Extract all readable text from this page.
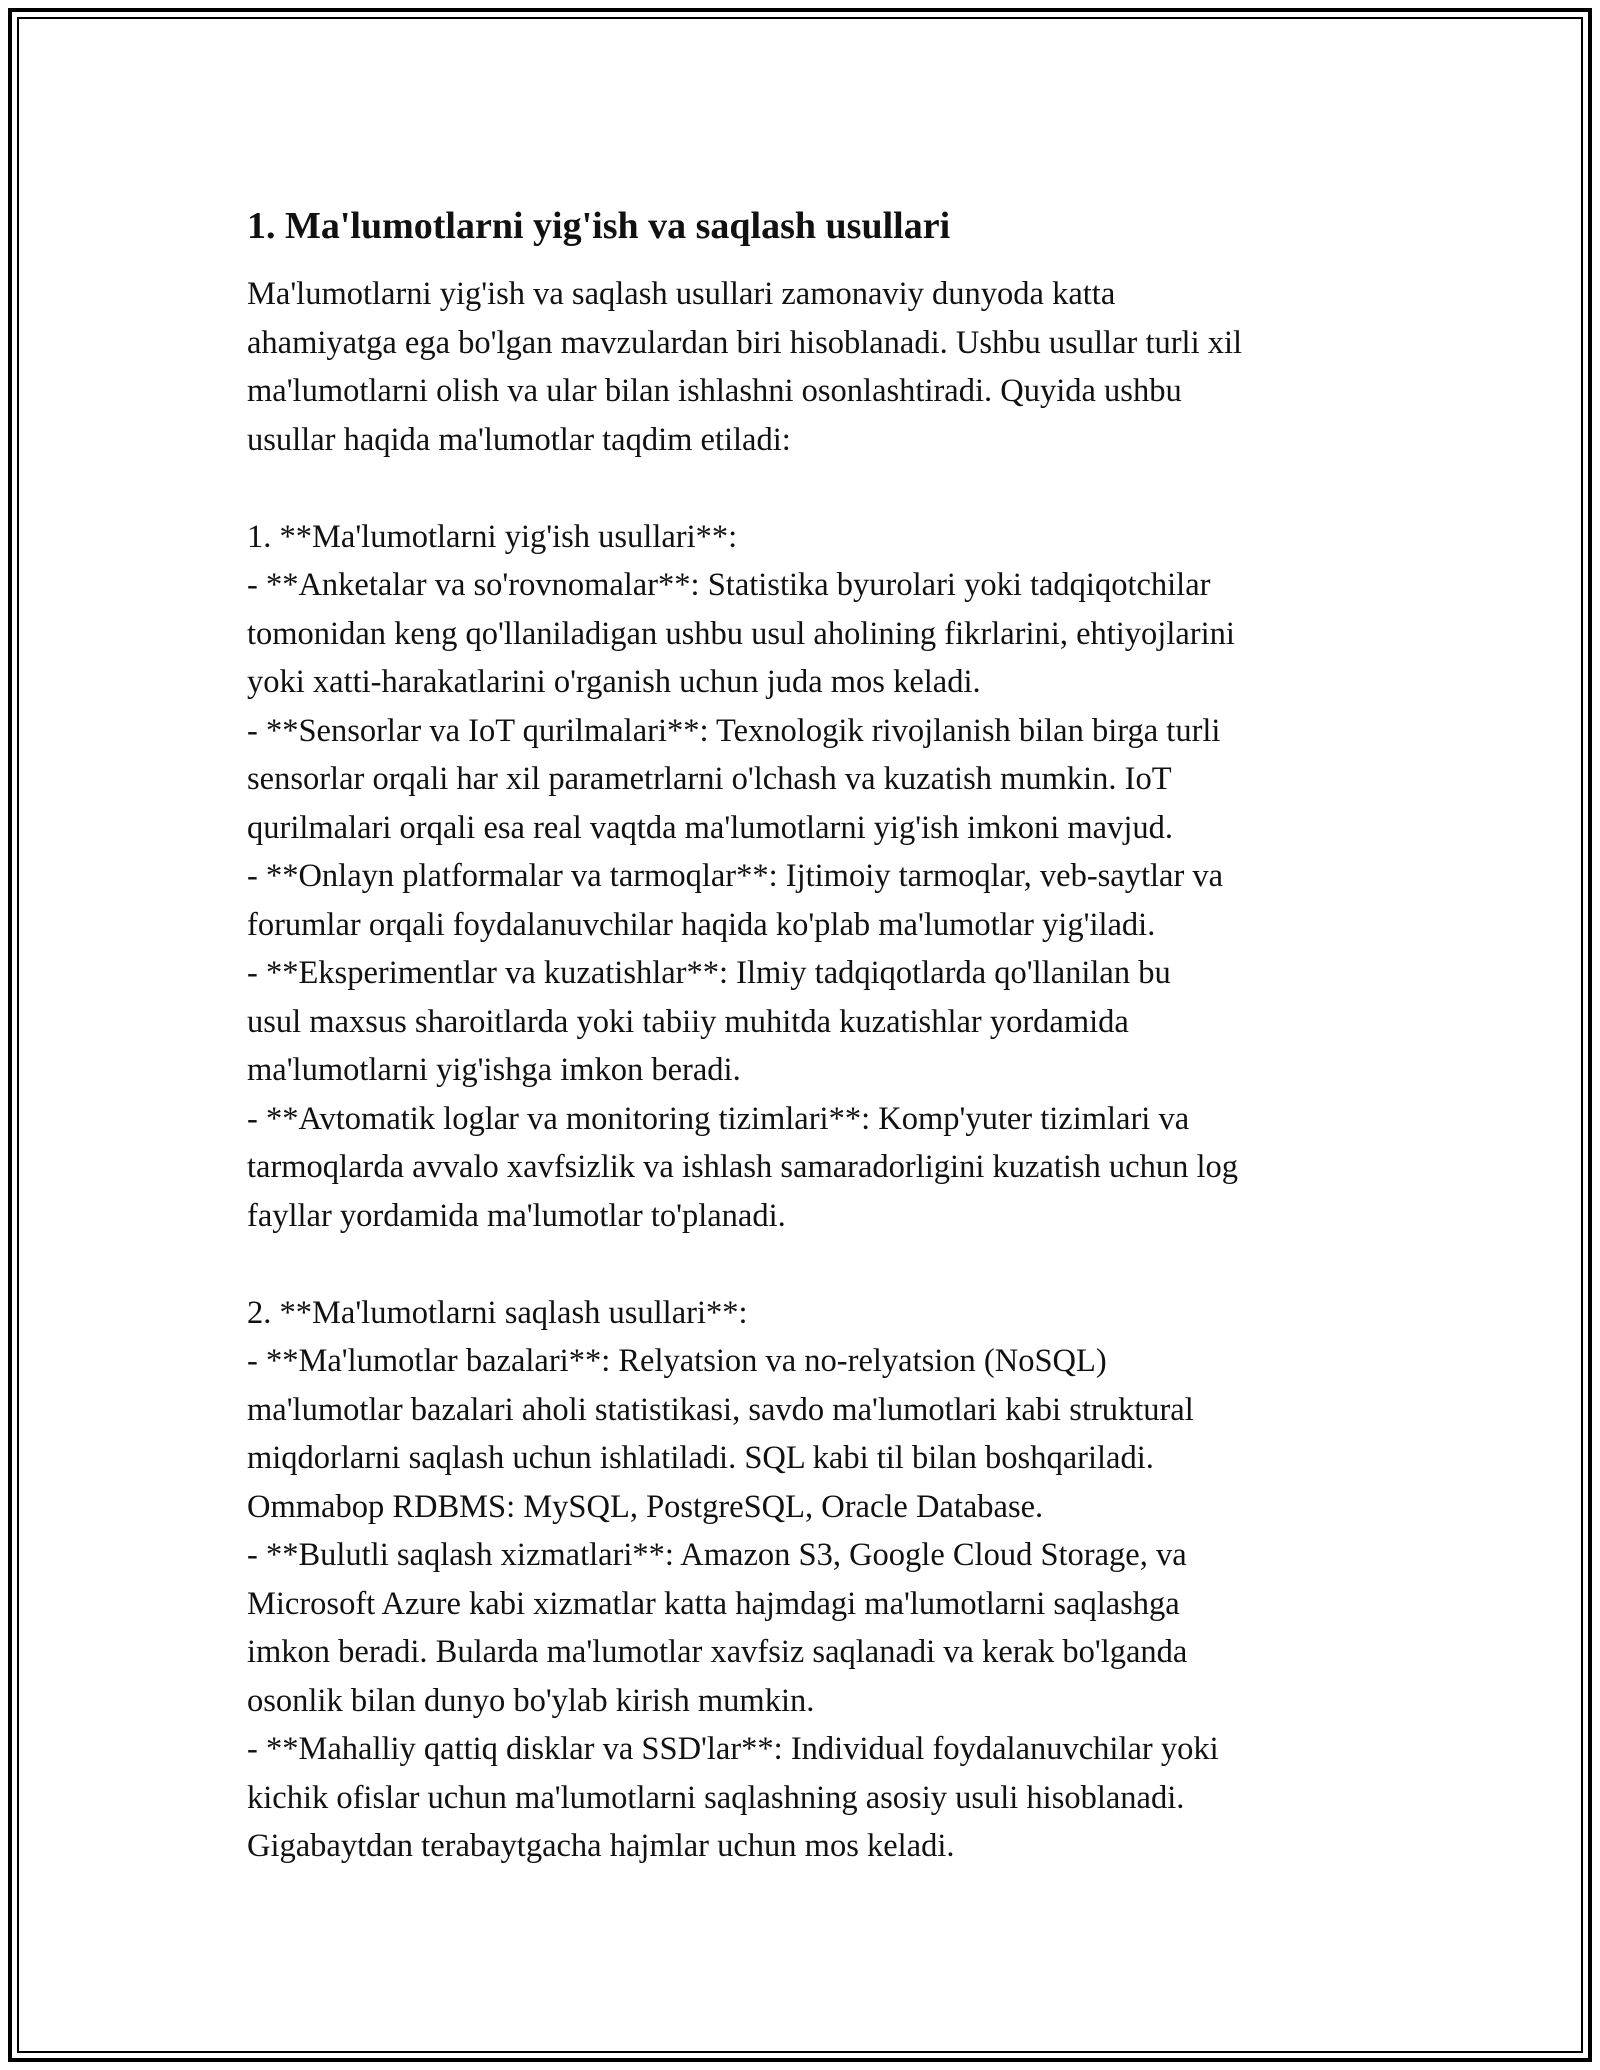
1. Ma'lumotlarni yig'ish va saqlash usullari

Ma'lumotlarni yig'ish va saqlash usullari zamonaviy dunyoda katta
ahamiyatga ega bo'lgan mavzulardan biri hisoblanadi. Ushbu usullar turli xil
ma'lumotlarni olish va ular bilan ishlashni osonlashtiradi. Quyida ushbu
usullar haqida ma'lumotlar taqdim etiladi:

1. **Ma'lumotlarni yig'ish usullari**:
- **Anketalar va so'rovnomalar**: Statistika byurolari yoki tadqiqotchilar
tomonidan keng qo'llaniladigan ushbu usul aholining fikrlarini, ehtiyojlarini
yoki xatti-harakatlarini o'rganish uchun juda mos keladi.
- **Sensorlar va IoT qurilmalari**: Texnologik rivojlanish bilan birga turli
sensorlar orqali har xil parametrlarni o'lchash va kuzatish mumkin. IoT
qurilmalari orqali esa real vaqtda ma'lumotlarni yig'ish imkoni mavjud.
- **Onlayn platformalar va tarmoqlar**: Ijtimoiy tarmoqlar, veb-saytlar va
forumlar orqali foydalanuvchilar haqida ko'plab ma'lumotlar yig'iladi.
- **Eksperimentlar va kuzatishlar**: Ilmiy tadqiqotlarda qo'llanilan bu
usul maxsus sharoitlarda yoki tabiiy muhitda kuzatishlar yordamida
ma'lumotlarni yig'ishga imkon beradi.
- **Avtomatik loglar va monitoring tizimlari**: Komp'yuter tizimlari va
tarmoqlarda avvalo xavfsizlik va ishlash samaradorligini kuzatish uchun log
fayllar yordamida ma'lumotlar to'planadi.

2. **Ma'lumotlarni saqlash usullari**:
- **Ma'lumotlar bazalari**: Relyatsion va no-relyatsion (NoSQL)
ma'lumotlar bazalari aholi statistikasi, savdo ma'lumotlari kabi struktural
miqdorlarni saqlash uchun ishlatiladi. SQL kabi til bilan boshqariladi.
Ommabop RDBMS: MySQL, PostgreSQL, Oracle Database.
- **Bulutli saqlash xizmatlari**: Amazon S3, Google Cloud Storage, va
Microsoft Azure kabi xizmatlar katta hajmdagi ma'lumotlarni saqlashga
imkon beradi. Bularda ma'lumotlar xavfsiz saqlanadi va kerak bo'lganda
osonlik bilan dunyo bo'ylab kirish mumkin.
- **Mahalliy qattiq disklar va SSD'lar**: Individual foydalanuvchilar yoki
kichik ofislar uchun ma'lumotlarni saqlashning asosiy usuli hisoblanadi.
Gigabaytdan terabaytgacha hajmlar uchun mos keladi.
